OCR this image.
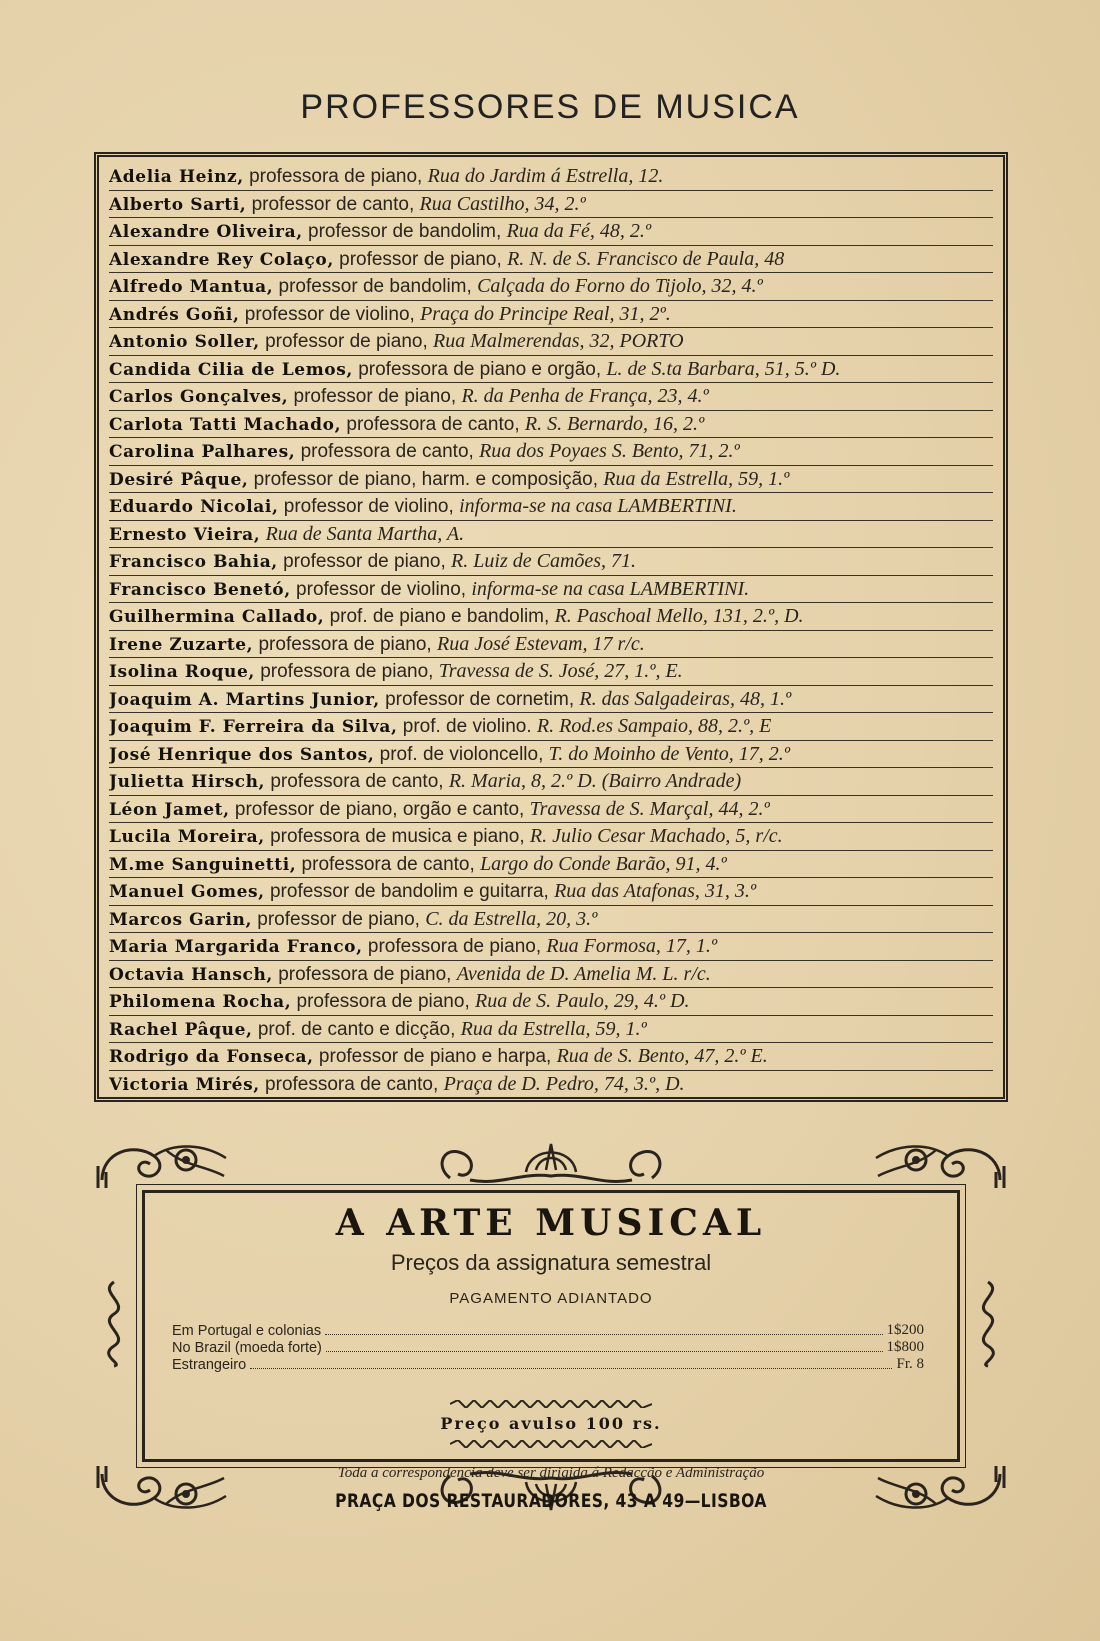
PROFESSORES DE MUSICA
Adelia Heinz, professora de piano, Rua do Jardim á Estrella, 12.
Alberto Sarti, professor de canto, Rua Castilho, 34, 2.º
Alexandre Oliveira, professor de bandolim, Rua da Fé, 48, 2.º
Alexandre Rey Colaço, professor de piano, R. N. de S. Francisco de Paula, 48
Alfredo Mantua, professor de bandolim, Calçada do Forno do Tijolo, 32, 4.º
Andrés Goñi, professor de violino, Praça do Principe Real, 31, 2º.
Antonio Soller, professor de piano, Rua Malmerendas, 32, PORTO
Candida Cilia de Lemos, professora de piano e orgão, L. de S.ta Barbara, 51, 5.º D.
Carlos Gonçalves, professor de piano, R. da Penha de França, 23, 4.º
Carlota Tatti Machado, professora de canto, R. S. Bernardo, 16, 2.º
Carolina Palhares, professora de canto, Rua dos Poyaes S. Bento, 71, 2.º
Desiré Pâque, professor de piano, harm. e composição, Rua da Estrella, 59, 1.º
Eduardo Nicolai, professor de violino, informa-se na casa LAMBERTINI.
Ernesto Vieira, Rua de Santa Martha, A.
Francisco Bahia, professor de piano, R. Luiz de Camões, 71.
Francisco Benetó, professor de violino, informa-se na casa LAMBERTINI.
Guilhermina Callado, prof. de piano e bandolim, R. Paschoal Mello, 131, 2.º, D.
Irene Zuzarte, professora de piano, Rua José Estevam, 17 r/c.
Isolina Roque, professora de piano, Travessa de S. José, 27, 1.º, E.
Joaquim A. Martins Junior, professor de cornetim, R. das Salgadeiras, 48, 1.º
Joaquim F. Ferreira da Silva, prof. de violino. R. Rod.es Sampaio, 88, 2.º, E
José Henrique dos Santos, prof. de violoncello, T. do Moinho de Vento, 17, 2.º
Julietta Hirsch, professora de canto, R. Maria, 8, 2.º D. (Bairro Andrade)
Léon Jamet, professor de piano, orgão e canto, Travessa de S. Marçal, 44, 2.º
Lucila Moreira, professora de musica e piano, R. Julio Cesar Machado, 5, r/c.
M.me Sanguinetti, professora de canto, Largo do Conde Barão, 91, 4.º
Manuel Gomes, professor de bandolim e guitarra, Rua das Atafonas, 31, 3.º
Marcos Garin, professor de piano, C. da Estrella, 20, 3.º
Maria Margarida Franco, professora de piano, Rua Formosa, 17, 1.º
Octavia Hansch, professora de piano, Avenida de D. Amelia M. L. r/c.
Philomena Rocha, professora de piano, Rua de S. Paulo, 29, 4.º D.
Rachel Pâque, prof. de canto e dicção, Rua da Estrella, 59, 1.º
Rodrigo da Fonseca, professor de piano e harpa, Rua de S. Bento, 47, 2.º E.
Victoria Mirés, professora de canto, Praça de D. Pedro, 74, 3.º, D.
A ARTE MUSICAL
Preços da assignatura semestral
PAGAMENTO ADIANTADO
Em Portugal e colonias	1$200
No Brazil (moeda forte)	1$800
Estrangeiro	Fr. 8
Preço avulso 100 rs.
Toda a correspondencia deve ser dirigida á Redacção e Administração
PRAÇA DOS RESTAURADORES, 43 A 49—LISBOA
